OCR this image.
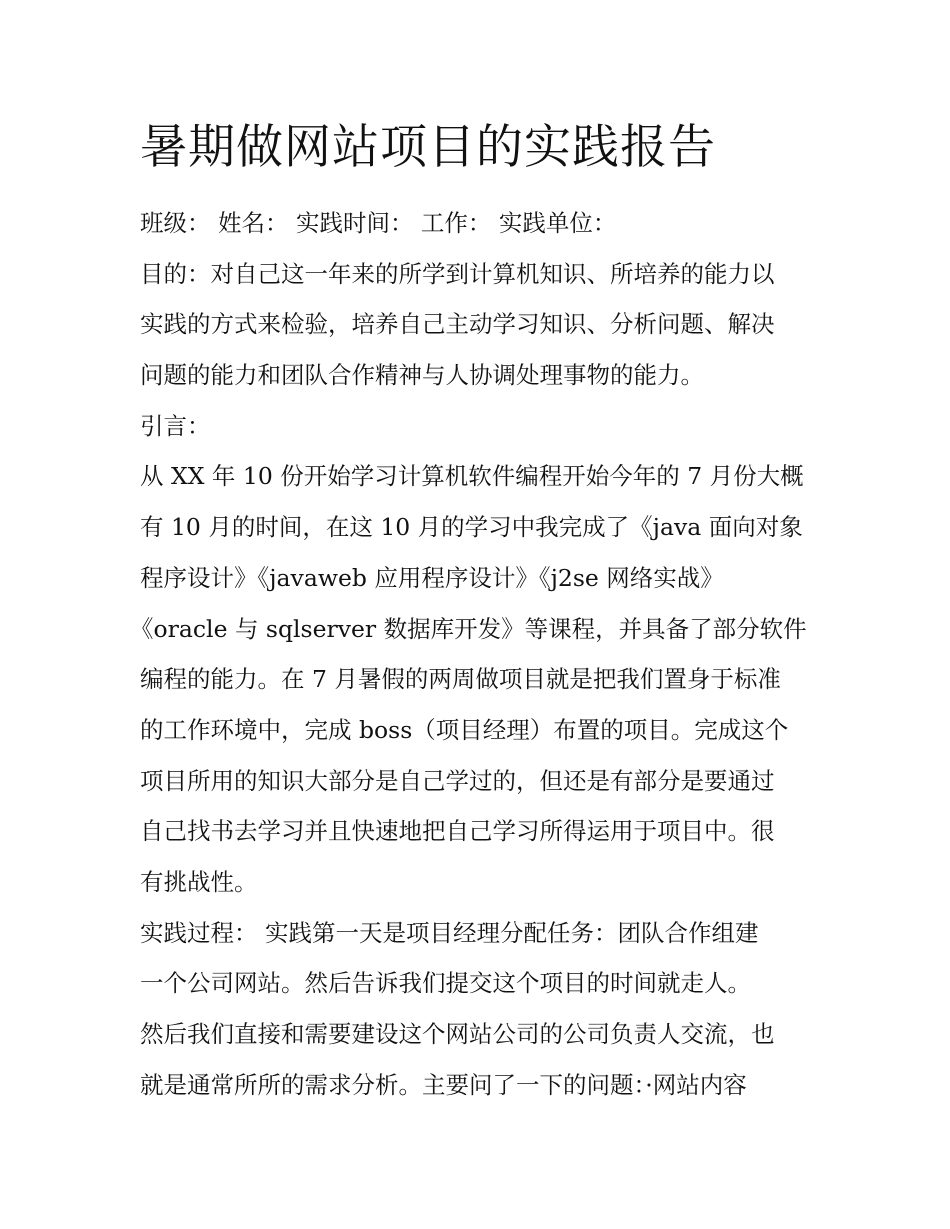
暑期做网站项目的实践报告
班级： 姓名： 实践时间： 工作： 实践单位：
目的：对自己这一年来的所学到计算机知识、所培养的能力以
实践的方式来检验，培养自己主动学习知识、分析问题、解决
问题的能力和团队合作精神与人协调处理事物的能力。
引言：
从 XX 年 10 份开始学习计算机软件编程开始今年的 7 月份大概
有 10 月的时间，在这 10 月的学习中我完成了《java 面向对象
程序设计》《javaweb 应用程序设计》《j2se 网络实战》
《oracle 与 sqlserver 数据库开发》等课程，并具备了部分软件
编程的能力。在 7 月暑假的两周做项目就是把我们置身于标准
的工作环境中，完成 boss（项目经理）布置的项目。完成这个
项目所用的知识大部分是自己学过的，但还是有部分是要通过
自己找书去学习并且快速地把自己学习所得运用于项目中。很
有挑战性。
实践过程： 实践第一天是项目经理分配任务：团队合作组建
一个公司网站。然后告诉我们提交这个项目的时间就走人。
然后我们直接和需要建设这个网站公司的公司负责人交流，也
就是通常所所的需求分析。主要问了一下的问题：·网站内容
